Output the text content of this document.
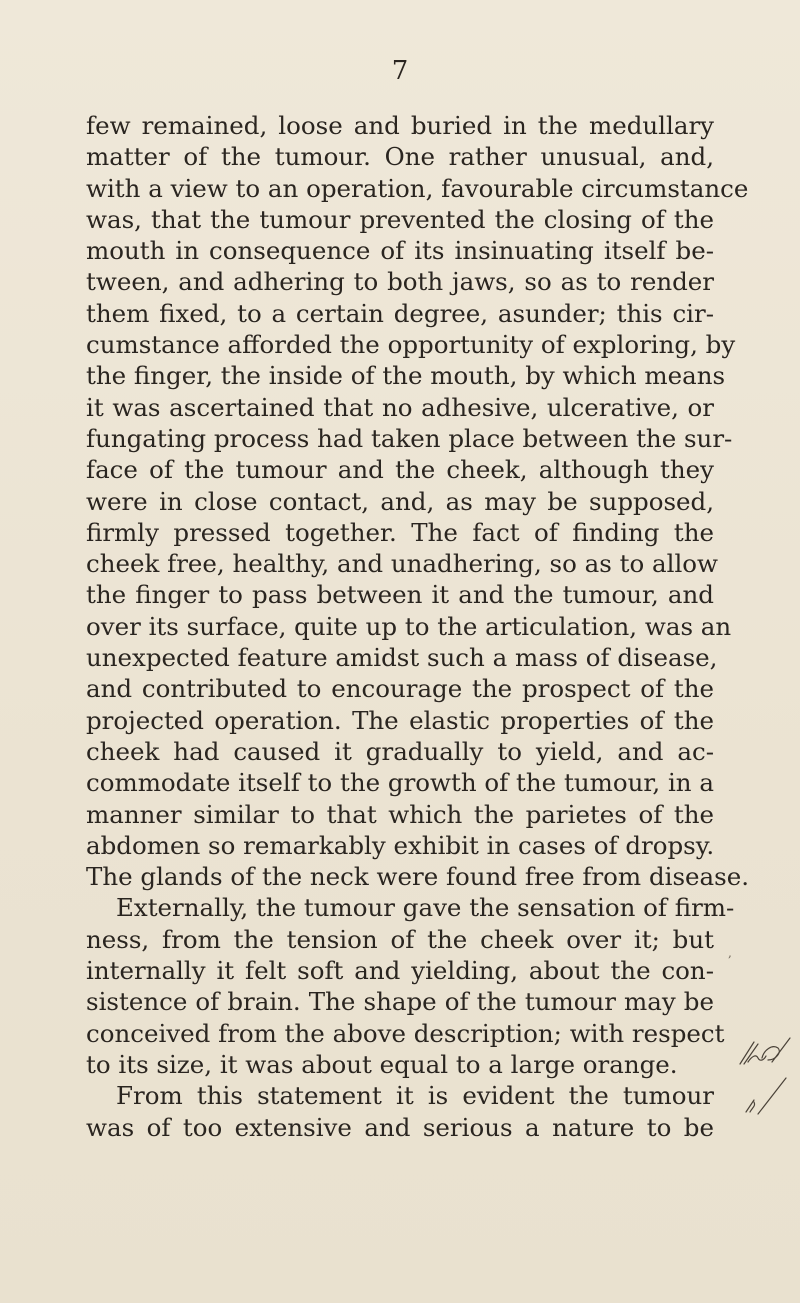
7
few remained, loose and buried in the medullary
matter of the tumour. One rather unusual, and,
with a view to an operation, favourable circumstance
was, that the tumour prevented the closing of the
mouth in consequence of its insinuating itself be-
tween, and adhering to both jaws, so as to render
them fixed, to a certain degree, asunder; this cir-
cumstance afforded the opportunity of exploring, by
the finger, the inside of the mouth, by which means
it was ascertained that no adhesive, ulcerative, or
fungating process had taken place between the sur-
face of the tumour and the cheek, although they
were in close contact, and, as may be supposed,
firmly pressed together. The fact of finding the
cheek free, healthy, and unadhering, so as to allow
the finger to pass between it and the tumour, and
over its surface, quite up to the articulation, was an
unexpected feature amidst such a mass of disease,
and contributed to encourage the prospect of the
projected operation. The elastic properties of the
cheek had caused it gradually to yield, and ac-
commodate itself to the growth of the tumour, in a
manner similar to that which the parietes of the
abdomen so remarkably exhibit in cases of dropsy.
The glands of the neck were found free from disease.
Externally, the tumour gave the sensation of firm-
ness, from the tension of the cheek over it; but
internally it felt soft and yielding, about the con-
sistence of brain. The shape of the tumour may be
conceived from the above description; with respect
to its size, it was about equal to a large orange.
From this statement it is evident the tumour
was of too extensive and serious a nature to be
,
